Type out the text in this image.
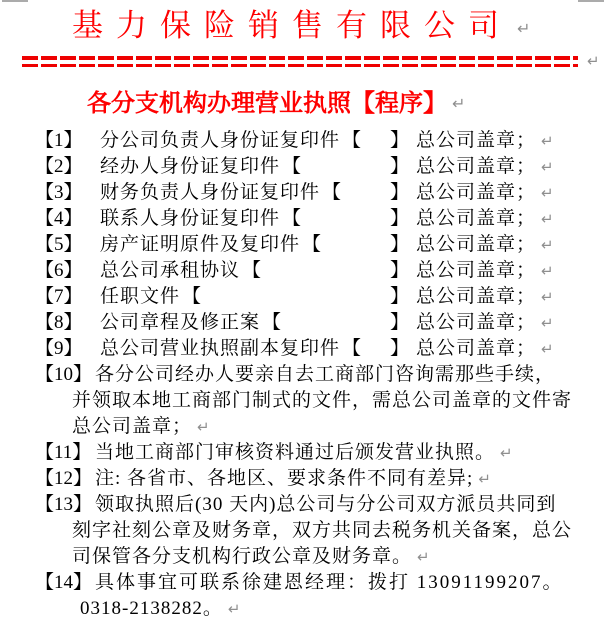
基力保险销售有限公司 ↵

↵
各分支机构办理营业执照【程序】 ↵

【1】 分公司负责人身份证复印件 【	】 总公司盖章； ↵
【2】 经办人身份证复印件 【	】 总公司盖章； ↵
【3】 财务负责人身份证复印件 【	】 总公司盖章； ↵
【4】 联系人身份证复印件 【	】 总公司盖章； ↵
【5】 房产证明原件及复印件 【	】 总公司盖章； ↵
【6】 总公司承租协议 【	】 总公司盖章； ↵
【7】 任职文件 【	】 总公司盖章； ↵
【8】 公司章程及修正案 【	】 总公司盖章； ↵
【9】 总公司营业执照副本复印件 【	】 总公司盖章； ↵
【10】 各分公司经办人要亲自去工商部门咨询需那些手续，
并领取本地工商部门制式的文件，需总公司盖章的文件寄
总公司盖章； ↵
【11】 当地工商部门审核资料通过后颁发营业执照。 ↵
【12】 注: 各省市、各地区、要求条件不同有差异; ↵
【13】 领取执照后(30 天内)总公司与分公司双方派员共同到
刻字社刻公章及财务章，双方共同去税务机关备案，总公
司保管各分支机构行政公章及财务章。 ↵
【14】 具体事宜可联系徐建恩经理：拨打 13091199207。
0318-2138282。 ↵
